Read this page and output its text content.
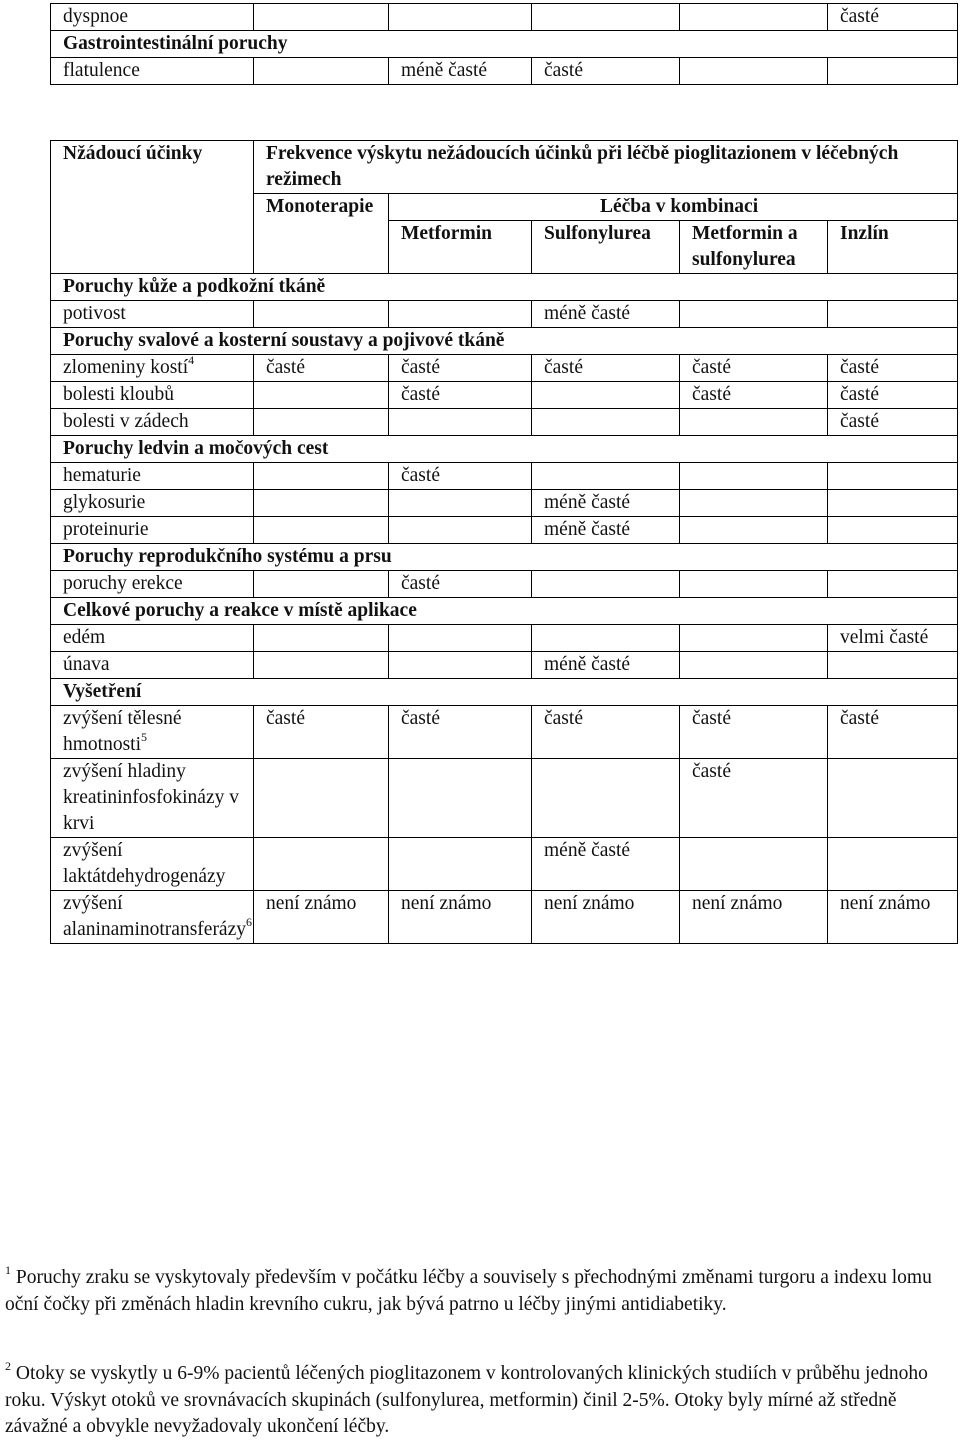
dyspnoe					časté
Gastrointestinální poruchy					
flatulence		méně časté	časté		
Nžádoucí účinky	Frekvence výskytu nežádoucích účinků při léčbě pioglitazionem v léčebných režimech				
	Monoterapie	Léčba v kombinaci			
		Metformin	Sulfonylurea	Metformin a sulfonylurea	Inzlín
Poruchy kůže a podkožní tkáně					
potivost			méně časté		
Poruchy svalové a kosterní soustavy a pojivové tkáně					
zlomeniny kostí$^4$	časté	časté	časté	časté	časté
bolesti kloubů		časté		časté	časté
bolesti v zádech					časté
Poruchy ledvin a močových cest					
hematurie		časté			
glykosurie			méně časté		
proteinurie			méně časté		
Poruchy reprodukčního systému a prsu					
poruchy erekce		časté			
Celkové poruchy a reakce v místě aplikace					
edém					velmi časté
únava			méně časté		
Vyšetření					
zvýšení tělesné hmotnosti$^5$	časté	časté	časté	časté	časté
zvýšení hladiny kreatininfosfokinázy v krvi				časté	
zvýšení laktátdehydrogenázy			méně časté		
zvýšení alaninaminotransferázy$^6$	není známo	není známo	není známo	není známo	není známo
$^1$ Poruchy zraku se vyskytovaly především v počátku léčby a souvisely s přechodnými změnami turgoru a indexu lomu oční čočky při změnách hladin krevního cukru, jak bývá patrno u léčby jinými antidiabetiky.
$^2$ Otoky se vyskytly u 6-9% pacientů léčených pioglitazonem v kontrolovaných klinických studiích v průběhu jednoho roku. Výskyt otoků ve srovnávacích skupinách (sulfonylurea, metformin) činil 2-5%. Otoky byly mírné až středně závažné a obvykle nevyžadovaly ukončení léčby.
